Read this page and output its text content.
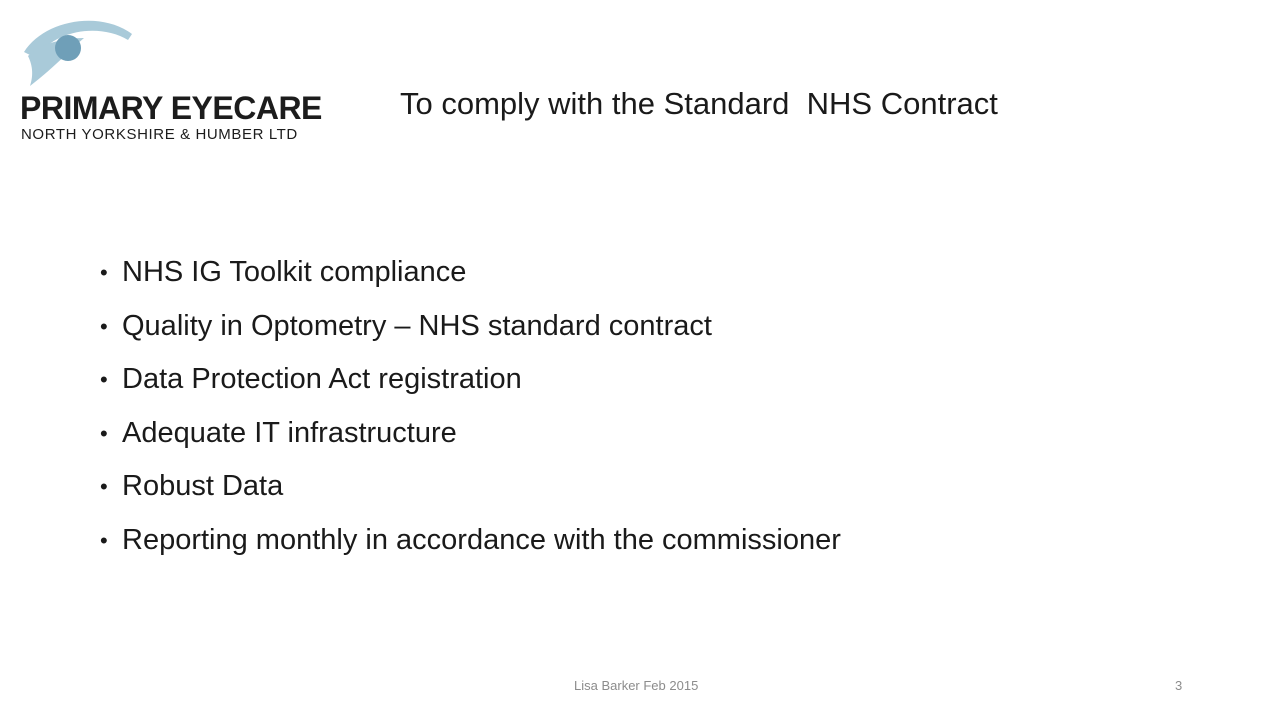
PRIMARY EYECARE
NORTH YORKSHIRE & HUMBER LTD
To comply with the Standard  NHS Contract
• NHS IG Toolkit compliance
• Quality in Optometry – NHS standard contract
• Data Protection Act registration
• Adequate IT infrastructure
• Robust Data
• Reporting monthly in accordance with the commissioner
Lisa Barker Feb 2015	3
